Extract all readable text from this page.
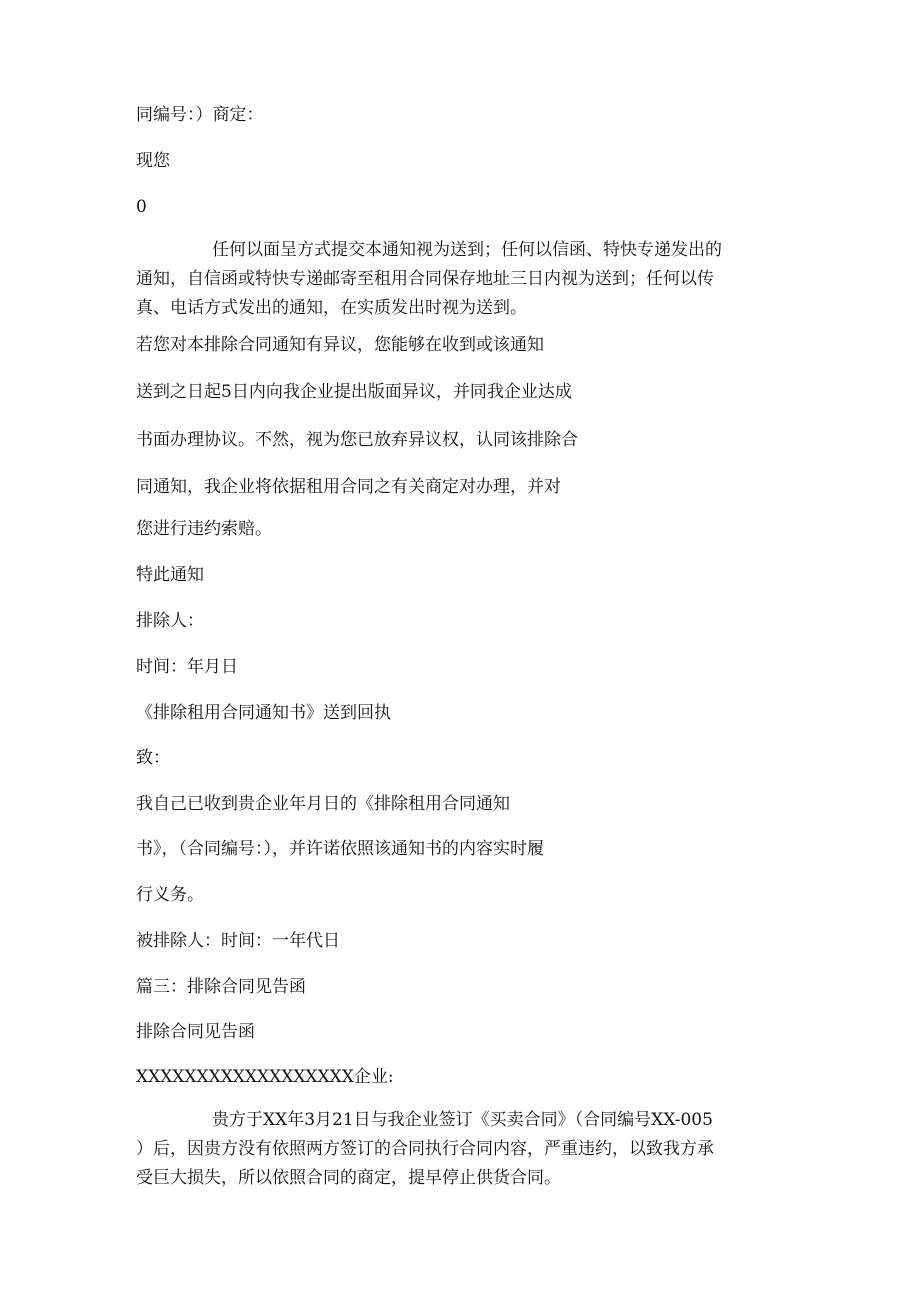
同编号：）商定：
现您
0
任何以面呈方式提交本通知视为送到；任何以信函、特快专递发出的
通知，自信函或特快专递邮寄至租用合同保存地址三日内视为送到；任何以传
真、电话方式发出的通知，在实质发出时视为送到。
若您对本排除合同通知有异议，您能够在收到或该通知
送到之日起5日内向我企业提出版面异议，并同我企业达成
书面办理协议。不然，视为您已放弃异议权，认同该排除合
同通知，我企业将依据租用合同之有关商定对办理，并对
您进行违约索赔。
特此通知
排除人：
时间：年月日
《排除租用合同通知书》送到回执
致：
我自己已收到贵企业年月日的《排除租用合同通知
书》，（合同编号：），并许诺依照该通知书的内容实时履
行义务。
被排除人：时间：一年代日
篇三：排除合同见告函
排除合同见告函
XXXXXXXXXXXXXXXXXX企业:
贵方于XX年3月21日与我企业签订《买卖合同》（合同编号XX-005
）后，因贵方没有依照两方签订的合同执行合同内容，严重违约，以致我方承
受巨大损失，所以依照合同的商定，提早停止供货合同。
